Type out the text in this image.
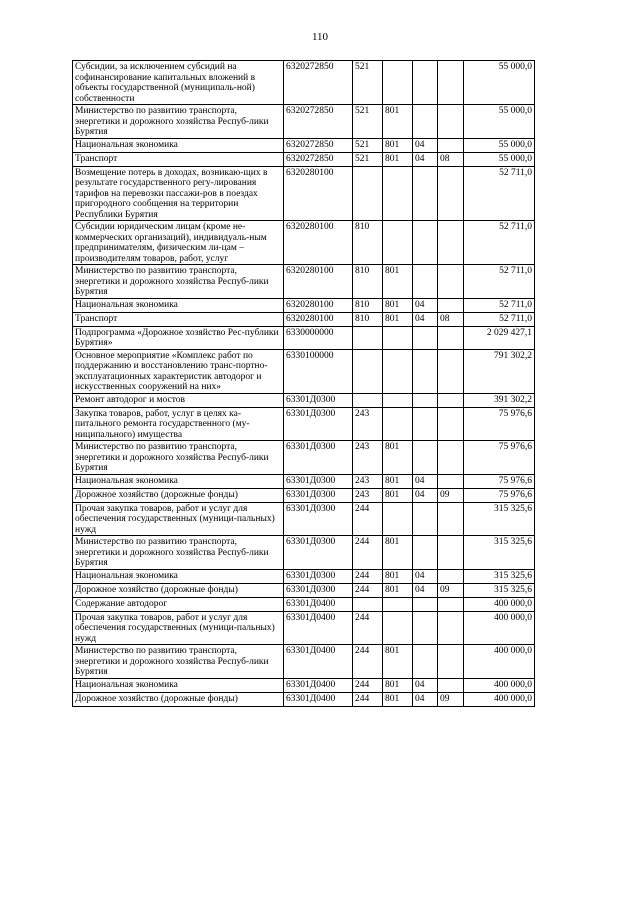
110
Субсидии, за исключением субсидий на софинансирование капитальных вложений в объекты государственной (муниципаль-ной) собственности	6320272850	521				55 000,0
Министерство по развитию транспорта, энергетики и дорожного хозяйства Респуб-лики Бурятия	6320272850	521	801			55 000,0
Национальная экономика	6320272850	521	801	04		55 000,0
Транспорт	6320272850	521	801	04	08	55 000,0
Возмещение потерь в доходах, возникаю-щих в результате государственного регу-лирования тарифов на перевозки пассажи-ров в поездах пригородного сообщения на территории Республики Бурятия	6320280100					52 711,0
Субсидии юридическим лицам (кроме не-коммерческих организаций), индивидуаль-ным предпринимателям, физическим ли-цам – производителям товаров, работ, услуг	6320280100	810				52 711,0
Министерство по развитию транспорта, энергетики и дорожного хозяйства Респуб-лики Бурятия	6320280100	810	801			52 711,0
Национальная экономика	6320280100	810	801	04		52 711,0
Транспорт	6320280100	810	801	04	08	52 711,0
Подпрограмма «Дорожное хозяйство Рес-публики Бурятия»	6330000000					2 029 427,1
Основное мероприятие «Комплекс работ по поддержанию и восстановлению транс-портно-эксплуатационных характеристик автодорог и искусственных сооружений на них»	6330100000					791 302,2
Ремонт автодорог и мостов	63301Д0300					391 302,2
Закупка товаров, работ, услуг в целях ка-питального ремонта государственного (му-ниципального) имущества	63301Д0300	243				75 976,6
Министерство по развитию транспорта, энергетики и дорожного хозяйства Респуб-лики Бурятия	63301Д0300	243	801			75 976,6
Национальная экономика	63301Д0300	243	801	04		75 976,6
Дорожное хозяйство (дорожные фонды)	63301Д0300	243	801	04	09	75 976,6
Прочая закупка товаров, работ и услуг для обеспечения государственных (муници-пальных) нужд	63301Д0300	244				315 325,6
Министерство по развитию транспорта, энергетики и дорожного хозяйства Респуб-лики Бурятия	63301Д0300	244	801			315 325,6
Национальная экономика	63301Д0300	244	801	04		315 325,6
Дорожное хозяйство (дорожные фонды)	63301Д0300	244	801	04	09	315 325,6
Содержание автодорог	63301Д0400					400 000,0
Прочая закупка товаров, работ и услуг для обеспечения государственных (муници-пальных) нужд	63301Д0400	244				400 000,0
Министерство по развитию транспорта, энергетики и дорожного хозяйства Респуб-лики Бурятия	63301Д0400	244	801			400 000,0
Национальная экономика	63301Д0400	244	801	04		400 000,0
Дорожное хозяйство (дорожные фонды)	63301Д0400	244	801	04	09	400 000,0
